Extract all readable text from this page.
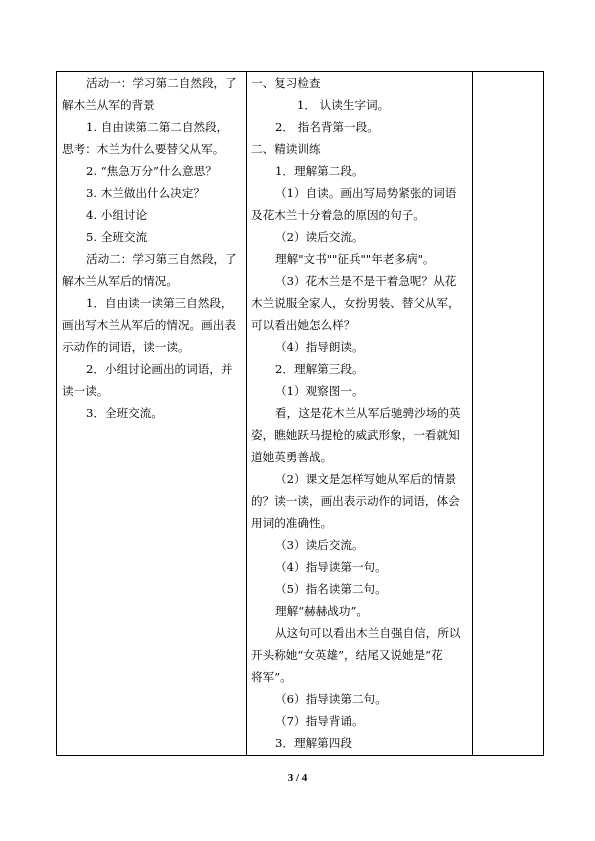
活动一：学习第二自然段，了
解木兰从军的背景
1. 自由读第二第二自然段，
思考：木兰为什么要替父从军。
2. “焦急万分”什么意思？
3. 木兰做出什么决定？
4. 小组讨论
5. 全班交流
活动二：学习第三自然段，了
解木兰从军后的情况。
1．自由读一读第三自然段，
画出写木兰从军后的情况。画出表
示动作的词语，读一读。
2．小组讨论画出的词语，并
读一读。
3．全班交流。
一、复习检查
1． 认读生字词。
2． 指名背第一段。
二、精读训练
1．理解第二段。
（1）自读。画出写局势紧张的词语
及花木兰十分着急的原因的句子。
（2）读后交流。
理解"文书""征兵""年老多病"。
（3）花木兰是不是干着急呢？从花
木兰说服全家人，女扮男装、替父从军，
可以看出她怎么样？
（4）指导朗读。
2．理解第三段。
（1）观察图一。
看，这是花木兰从军后驰骋沙场的英
姿，瞧她跃马提枪的威武形象，一看就知
道她英勇善战。
（2）课文是怎样写她从军后的情景
的？读一读，画出表示动作的词语，体会
用词的准确性。
（3）读后交流。
（4）指导读第一句。
（5）指名读第二句。
理解“赫赫战功”。
从这句可以看出木兰自强自信，所以
开头称她“女英雄”，结尾又说她是“花
将军”。
（6）指导读第二句。
（7）指导背诵。
3．理解第四段
3 / 4
